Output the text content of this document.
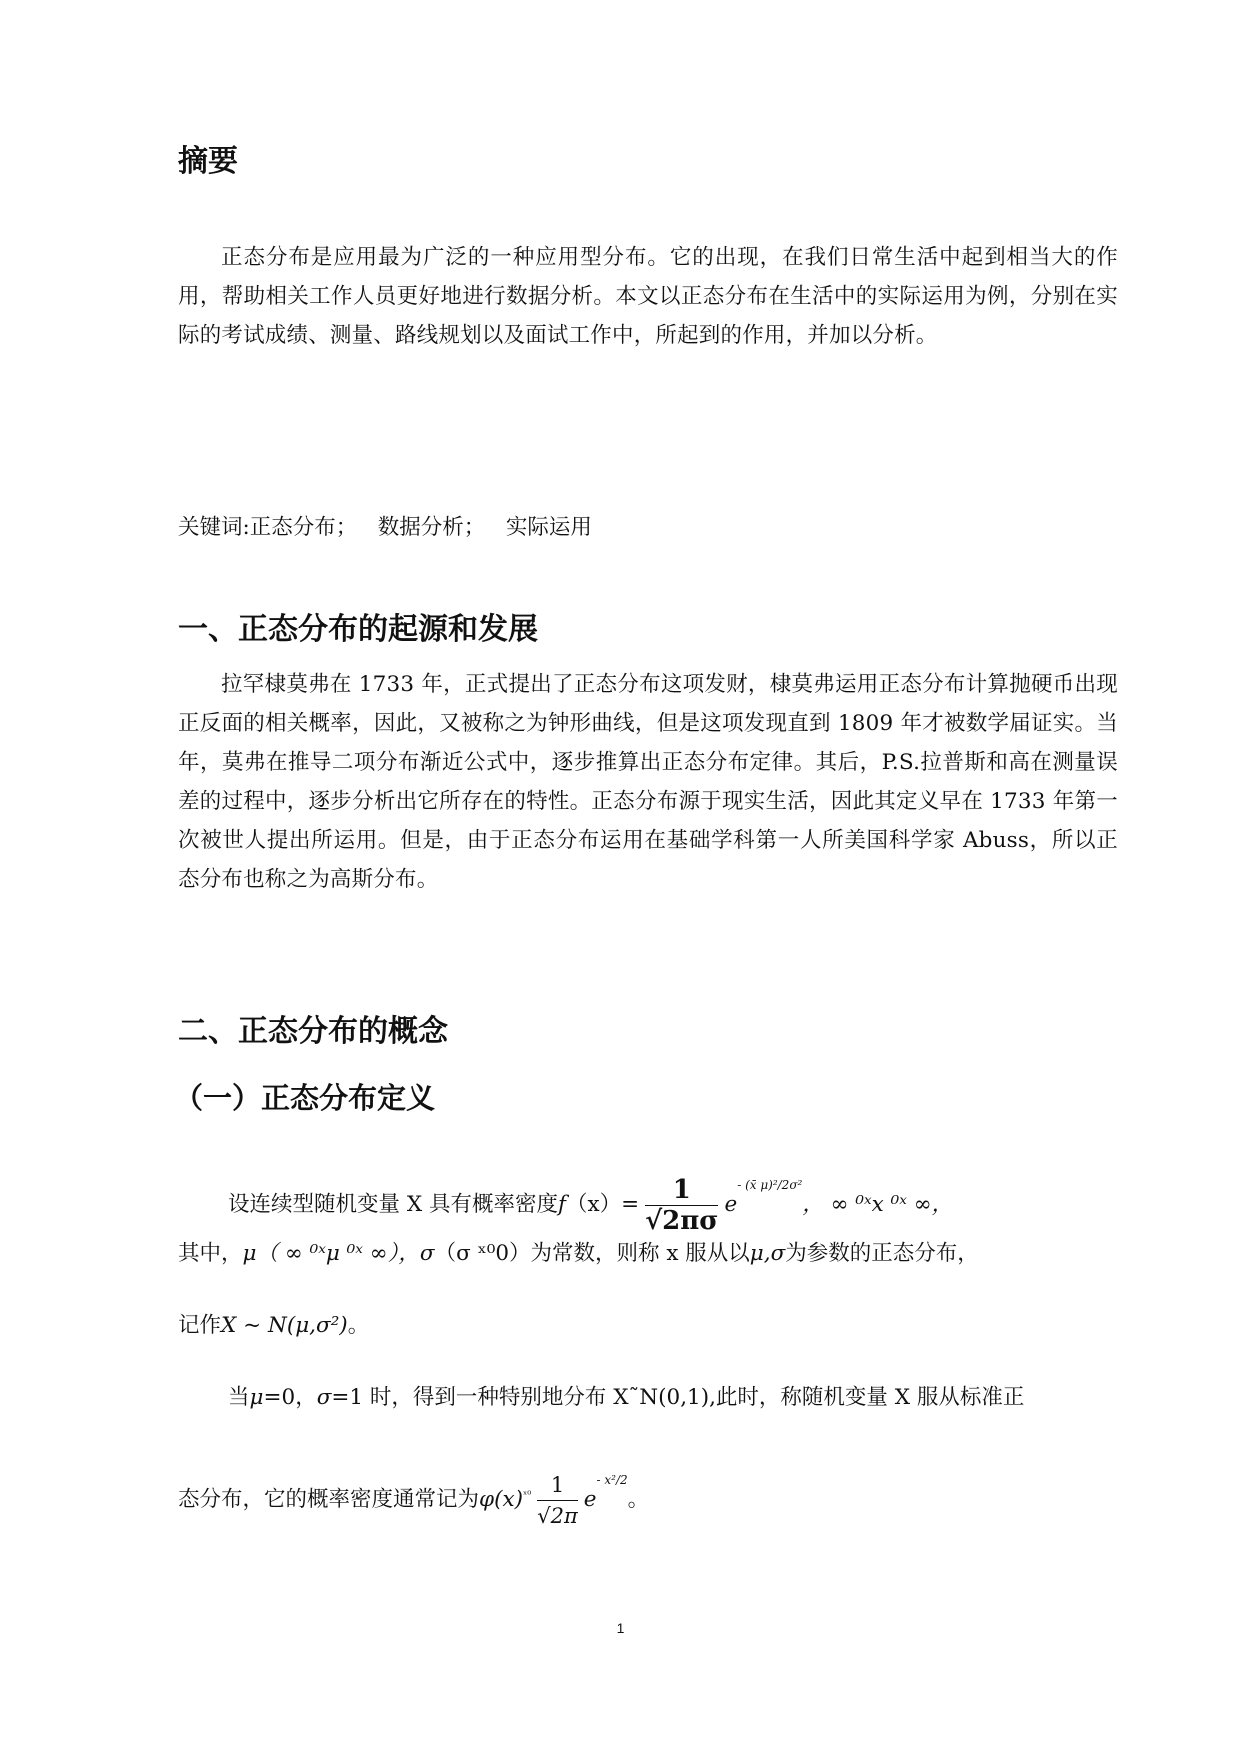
摘要

正态分布是应用最为广泛的一种应用型分布。它的出现，在我们日常生活中起到相当大的作用，帮助相关工作人员更好地进行数据分析。本文以正态分布在生活中的实际运用为例，分别在实际的考试成绩、测量、路线规划以及面试工作中，所起到的作用，并加以分析。

关键词:正态分布； 数据分析； 实际运用
一、正态分布的起源和发展

拉罕棣莫弗在 1733 年，正式提出了正态分布这项发财，棣莫弗运用正态分布计算抛硬币出现正反面的相关概率，因此，又被称之为钟形曲线，但是这项发现直到 1809 年才被数学届证实。当年，莫弗在推导二项分布渐近公式中，逐步推算出正态分布定律。其后，P.S.拉普斯和高在测量误差的过程中，逐步分析出它所存在的特性。正态分布源于现实生活，因此其定义早在 1733 年第一次被世人提出所运用。但是，由于正态分布运用在基础学科第一人所美国科学家 Abuss，所以正态分布也称之为高斯分布。

二、正态分布的概念
（一）正态分布定义
设连续型随机变量 X 具有概率密度$f(x)= \frac{1}{√2\pi\sigma} e^{- (x̄ \mu)^2/2\sigma^2}$， ∞ ⁰ˣx ⁰ˣ ∞，
其中，μ（ ∞ ⁰ˣμ ⁰ˣ ∞），σ（σ ˣ⁰0）为常数，则称 x 服从以μ,σ为参数的正态分布，
记作X ~ N(μ,σ²)。
当μ=0，σ=1 时，得到一种特别地分布 X˜N(0,1),此时，称随机变量 X 服从标准正
态分布，它的概率密度通常记为$\varphi(x)^{ˣ^0} \frac{1}{√2\pi} e^{- x^2/2}$。
1
